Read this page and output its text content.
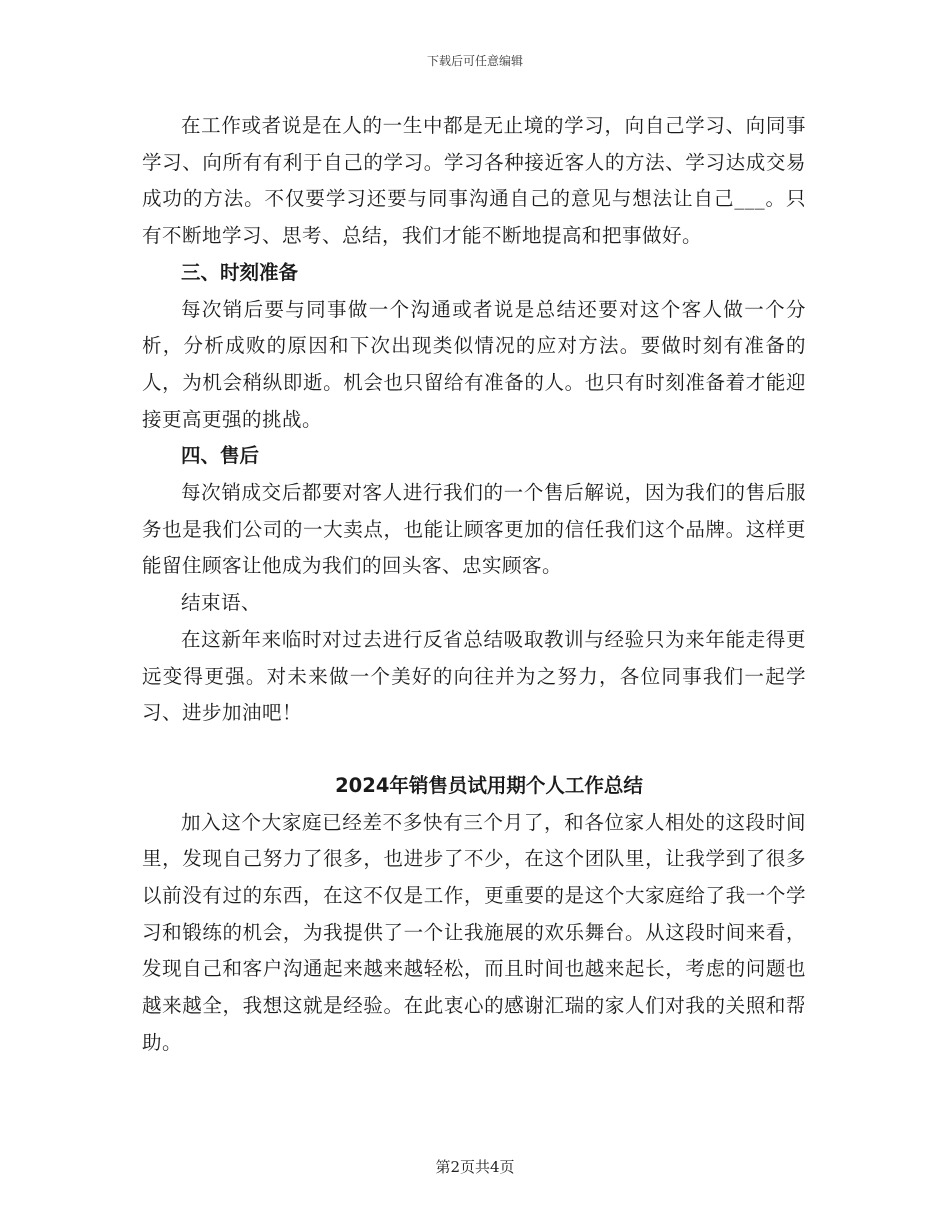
下载后可任意编辑

在工作或者说是在人的一生中都是无止境的学习，向自己学习、向同事学习、向所有有利于自己的学习。学习各种接近客人的方法、学习达成交易成功的方法。不仅要学习还要与同事沟通自己的意见与想法让自己___。只有不断地学习、思考、总结，我们才能不断地提高和把事做好。

三、时刻准备

每次销后要与同事做一个沟通或者说是总结还要对这个客人做一个分析，分析成败的原因和下次出现类似情况的应对方法。要做时刻有准备的人，为机会稍纵即逝。机会也只留给有准备的人。也只有时刻准备着才能迎接更高更强的挑战。

四、售后

每次销成交后都要对客人进行我们的一个售后解说，因为我们的售后服务也是我们公司的一大卖点，也能让顾客更加的信任我们这个品牌。这样更能留住顾客让他成为我们的回头客、忠实顾客。

结束语、

在这新年来临时对过去进行反省总结吸取教训与经验只为来年能走得更远变得更强。对未来做一个美好的向往并为之努力，各位同事我们一起学习、进步加油吧！

2024年销售员试用期个人工作总结

加入这个大家庭已经差不多快有三个月了，和各位家人相处的这段时间里，发现自己努力了很多，也进步了不少，在这个团队里，让我学到了很多以前没有过的东西，在这不仅是工作，更重要的是这个大家庭给了我一个学习和锻练的机会，为我提供了一个让我施展的欢乐舞台。从这段时间来看，发现自己和客户沟通起来越来越轻松，而且时间也越来起长，考虑的问题也越来越全，我想这就是经验。在此衷心的感谢汇瑞的家人们对我的关照和帮助。

第2页共4页
